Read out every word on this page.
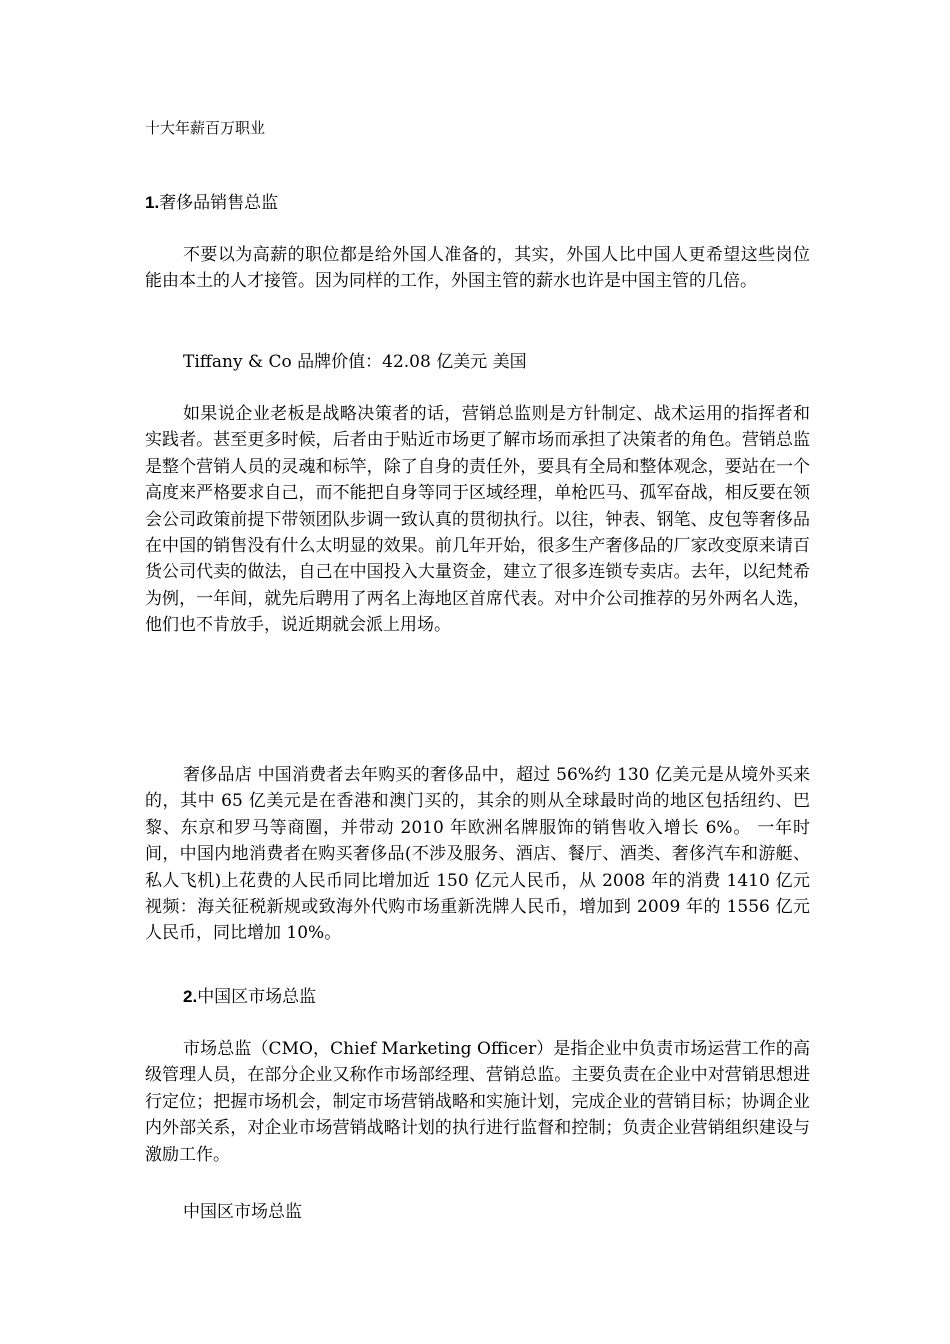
十大年薪百万职业
1.奢侈品销售总监

不要以为高薪的职位都是给外国人准备的，其实，外国人比中国人更希望这些岗位能由本土的人才接管。因为同样的工作，外国主管的薪水也许是中国主管的几倍。

Tiffany & Co 品牌价值：42.08 亿美元 美国

如果说企业老板是战略决策者的话，营销总监则是方针制定、战术运用的指挥者和实践者。甚至更多时候，后者由于贴近市场更了解市场而承担了决策者的角色。营销总监是整个营销人员的灵魂和标竿，除了自身的责任外，要具有全局和整体观念，要站在一个高度来严格要求自己，而不能把自身等同于区域经理，单枪匹马、孤军奋战，相反要在领会公司政策前提下带领团队步调一致认真的贯彻执行。以往，钟表、钢笔、皮包等奢侈品在中国的销售没有什么太明显的效果。前几年开始，很多生产奢侈品的厂家改变原来请百货公司代卖的做法，自己在中国投入大量资金，建立了很多连锁专卖店。去年，以纪梵希为例，一年间，就先后聘用了两名上海地区首席代表。对中介公司推荐的另外两名人选，他们也不肯放手，说近期就会派上用场。

奢侈品店 中国消费者去年购买的奢侈品中，超过 56%约 130 亿美元是从境外买来的，其中 65 亿美元是在香港和澳门买的，其余的则从全球最时尚的地区包括纽约、巴黎、东京和罗马等商圈，并带动 2010 年欧洲名牌服饰的销售收入增长 6%。 一年时间，中国内地消费者在购买奢侈品(不涉及服务、酒店、餐厅、酒类、奢侈汽车和游艇、私人飞机)上花费的人民币同比增加近 150 亿元人民币，从 2008 年的消费 1410 亿元 视频：海关征税新规或致海外代购市场重新洗牌人民币，增加到 2009 年的 1556 亿元人民币，同比增加 10%。

2.中国区市场总监

市场总监（CMO，Chief Marketing Officer）是指企业中负责市场运营工作的高级管理人员，在部分企业又称作市场部经理、营销总监。主要负责在企业中对营销思想进行定位；把握市场机会，制定市场营销战略和实施计划，完成企业的营销目标；协调企业内外部关系，对企业市场营销战略计划的执行进行监督和控制；负责企业营销组织建设与激励工作。

中国区市场总监
